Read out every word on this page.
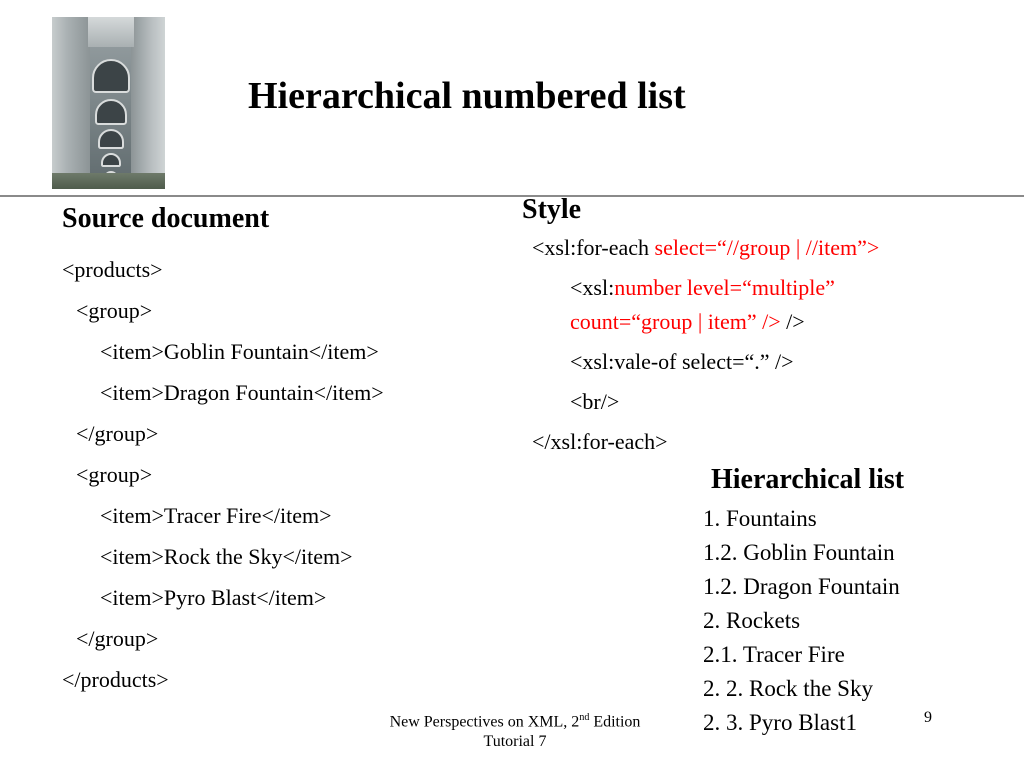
Hierarchical numbered list
Source document
<products>
<group>
<item>Goblin Fountain</item>
<item>Dragon Fountain</item>
</group>
<group>
<item>Tracer Fire</item>
<item>Rock the Sky</item>
<item>Pyro Blast</item>
</group>
</products>
Style
<xsl:for-each select=“//group | //item”>
<xsl:number level=“multiple”
count=“group | item” /> />
<xsl:vale-of select=“.” />
<br/>
</xsl:for-each>
Hierarchical list
1. Fountains
1.2. Goblin Fountain
1.2. Dragon Fountain
2. Rockets
2.1. Tracer Fire
2. 2. Rock the Sky
2. 3. Pyro Blast1
New Perspectives on XML, 2nd Edition
Tutorial 7
9
